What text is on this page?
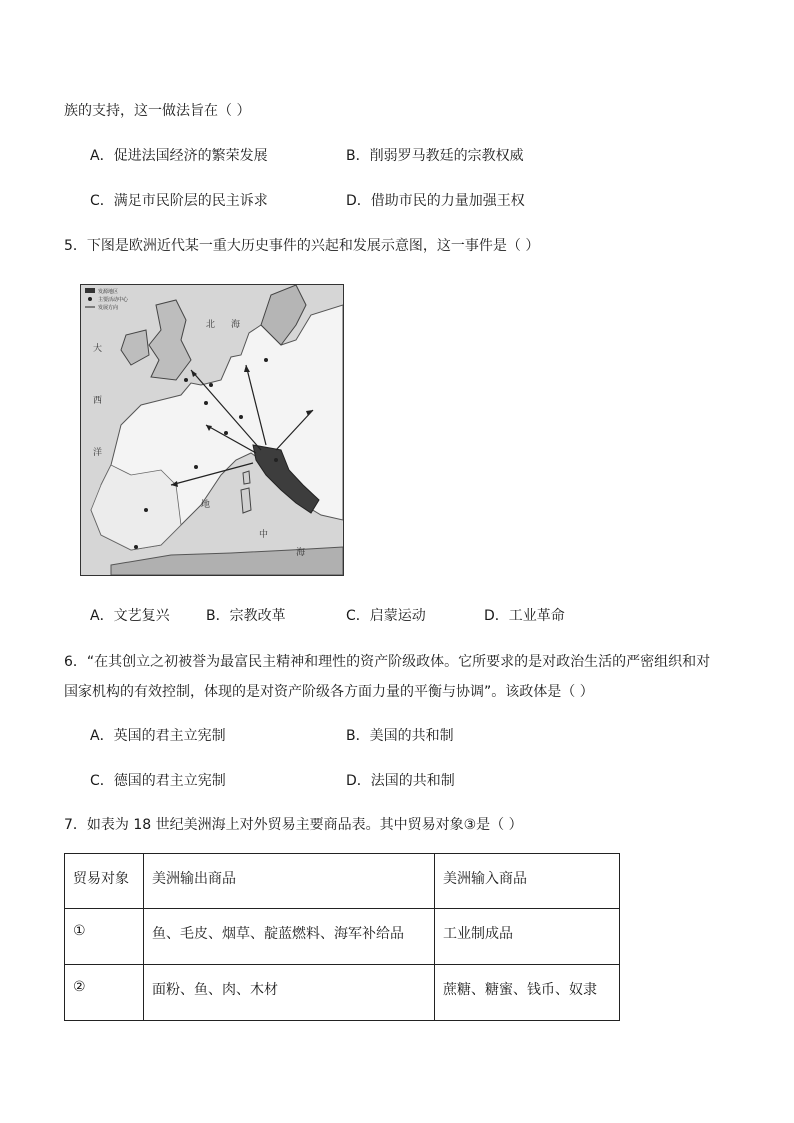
族的支持，这一做法旨在（ ）
A．促进法国经济的繁荣发展	B．削弱罗马教廷的宗教权威
C．满足市民阶层的民主诉求	D．借助市民的力量加强王权
5．下图是欧洲近代某一重大历史事件的兴起和发展示意图，这一事件是（ ）
发源地区
主要活动中心
发展方向
北 海
大
西
洋
地
中
海
A．文艺复兴	B．宗教改革	C．启蒙运动	D．工业革命
6．“在其创立之初被誉为最富民主精神和理性的资产阶级政体。它所要求的是对政治生活的严密组织和对
国家机构的有效控制，体现的是对资产阶级各方面力量的平衡与协调”。该政体是（ ）
A．英国的君主立宪制	B．美国的共和制
C．德国的君主立宪制	D．法国的共和制
7．如表为 18 世纪美洲海上对外贸易主要商品表。其中贸易对象③是（ ）
贸易对象	美洲输出商品	美洲输入商品
①	鱼、毛皮、烟草、靛蓝燃料、海军补给品	工业制成品
②	面粉、鱼、肉、木材	蔗糖、糖蜜、钱币、奴隶
